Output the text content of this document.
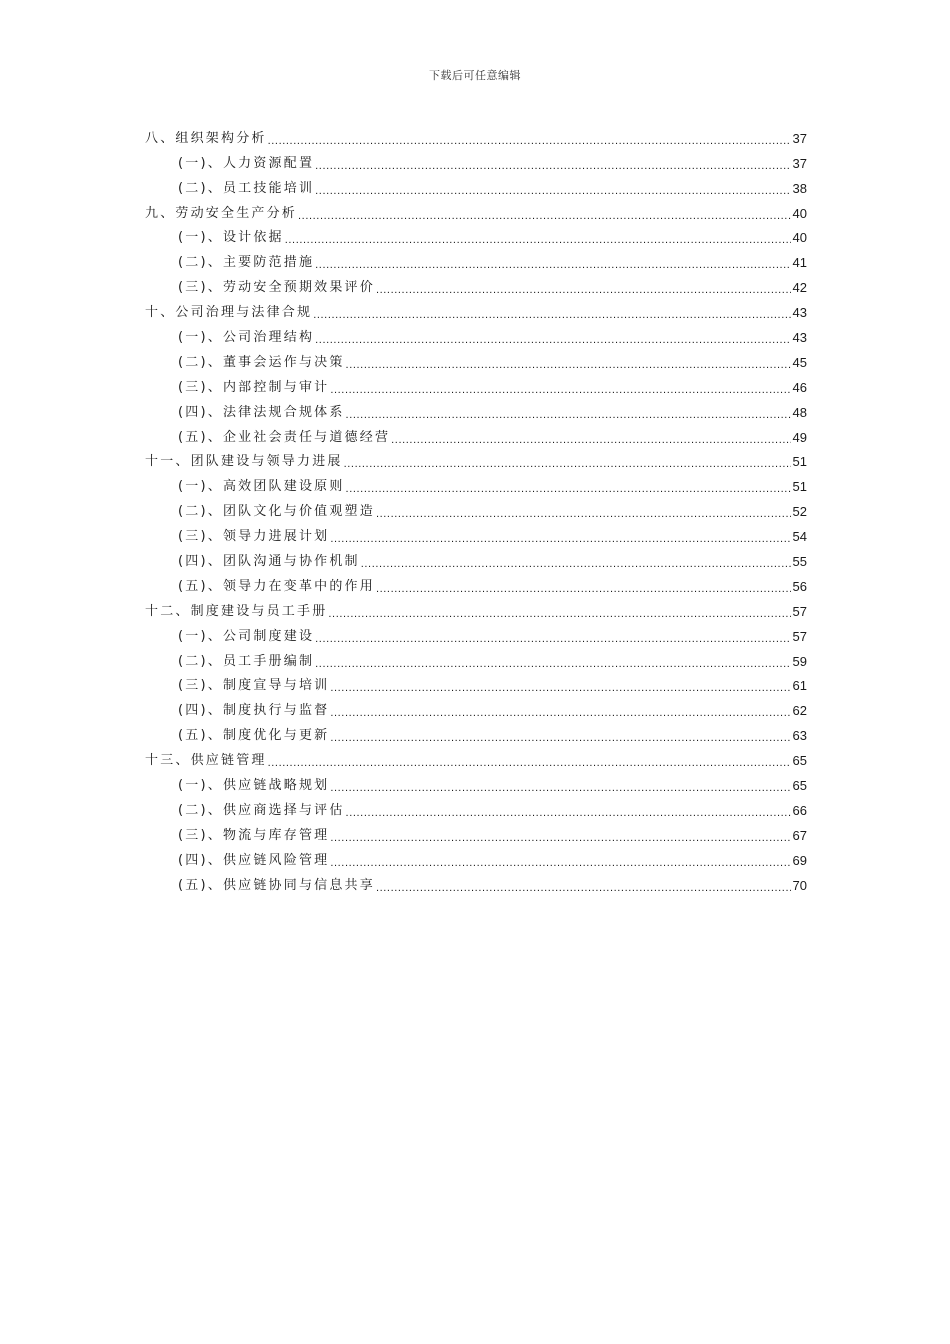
下载后可任意编辑
八、组织架构分析 .....	37
(一)、人力资源配置 .....	37
(二)、员工技能培训 .....	38
九、劳动安全生产分析 .....	40
(一)、设计依据 .....	40
(二)、主要防范措施 .....	41
(三)、劳动安全预期效果评价 .....	42
十、公司治理与法律合规 .....	43
(一)、公司治理结构 .....	43
(二)、董事会运作与决策 .....	45
(三)、内部控制与审计 .....	46
(四)、法律法规合规体系 .....	48
(五)、企业社会责任与道德经营 .....	49
十一、团队建设与领导力进展 .....	51
(一)、高效团队建设原则 .....	51
(二)、团队文化与价值观塑造 .....	52
(三)、领导力进展计划 .....	54
(四)、团队沟通与协作机制 .....	55
(五)、领导力在变革中的作用 .....	56
十二、制度建设与员工手册 .....	57
(一)、公司制度建设 .....	57
(二)、员工手册编制 .....	59
(三)、制度宣导与培训 .....	61
(四)、制度执行与监督 .....	62
(五)、制度优化与更新 .....	63
十三、供应链管理 .....	65
(一)、供应链战略规划 .....	65
(二)、供应商选择与评估 .....	66
(三)、物流与库存管理 .....	67
(四)、供应链风险管理 .....	69
(五)、供应链协同与信息共享 .....	70
